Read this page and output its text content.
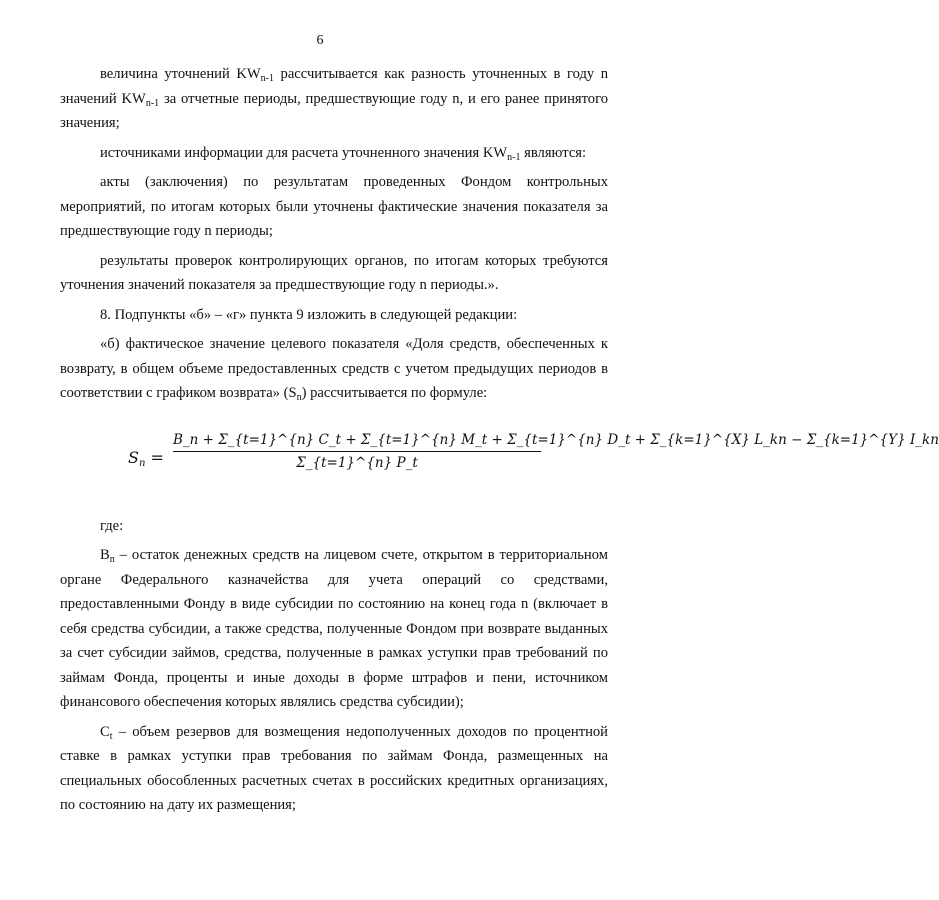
6

величина уточнений $KW_{n-1}$ рассчитывается как разность уточненных в году n значений $KW_{n-1}$ за отчетные периоды, предшествующие году n, и его ранее принятого значения;

источниками информации для расчета уточненного значения $KW_{n-1}$ являются:

акты (заключения) по результатам проведенных Фондом контрольных мероприятий, по итогам которых были уточнены фактические значения показателя за предшествующие году n периоды;

результаты проверок контролирующих органов, по итогам которых требуются уточнения значений показателя за предшествующие году n периоды.».

8. Подпункты «б» – «г» пункта 9 изложить в следующей редакции:

«б) фактическое значение целевого показателя «Доля средств, обеспеченных к возврату, в общем объеме предоставленных средств с учетом предыдущих периодов в соответствии с графиком возврата» $(S_n)$ рассчитывается по формуле:

$S_n$ =
B_n + Σ_{t=1}^{n} C_t + Σ_{t=1}^{n} M_t + Σ_{t=1}^{n} D_t + Σ_{k=1}^{X} L_kn − Σ_{k=1}^{Y} I_kn
Σ_{t=1}^{n} P_t

где:

$B_n$ – остаток денежных средств на лицевом счете, открытом в территориальном органе Федерального казначейства для учета операций со средствами, предоставленными Фонду в виде субсидии по состоянию на конец года n (включает в себя средства субсидии, а также средства, полученные Фондом при возврате выданных за счет субсидии займов, средства, полученные в рамках уступки прав требований по займам Фонда, проценты и иные доходы в форме штрафов и пени, источником финансового обеспечения которых являлись средства субсидии);

$C_t$ – объем резервов для возмещения недополученных доходов по процентной ставке в рамках уступки прав требования по займам Фонда, размещенных на специальных обособленных расчетных счетах в российских кредитных организациях, по состоянию на дату их размещения;
